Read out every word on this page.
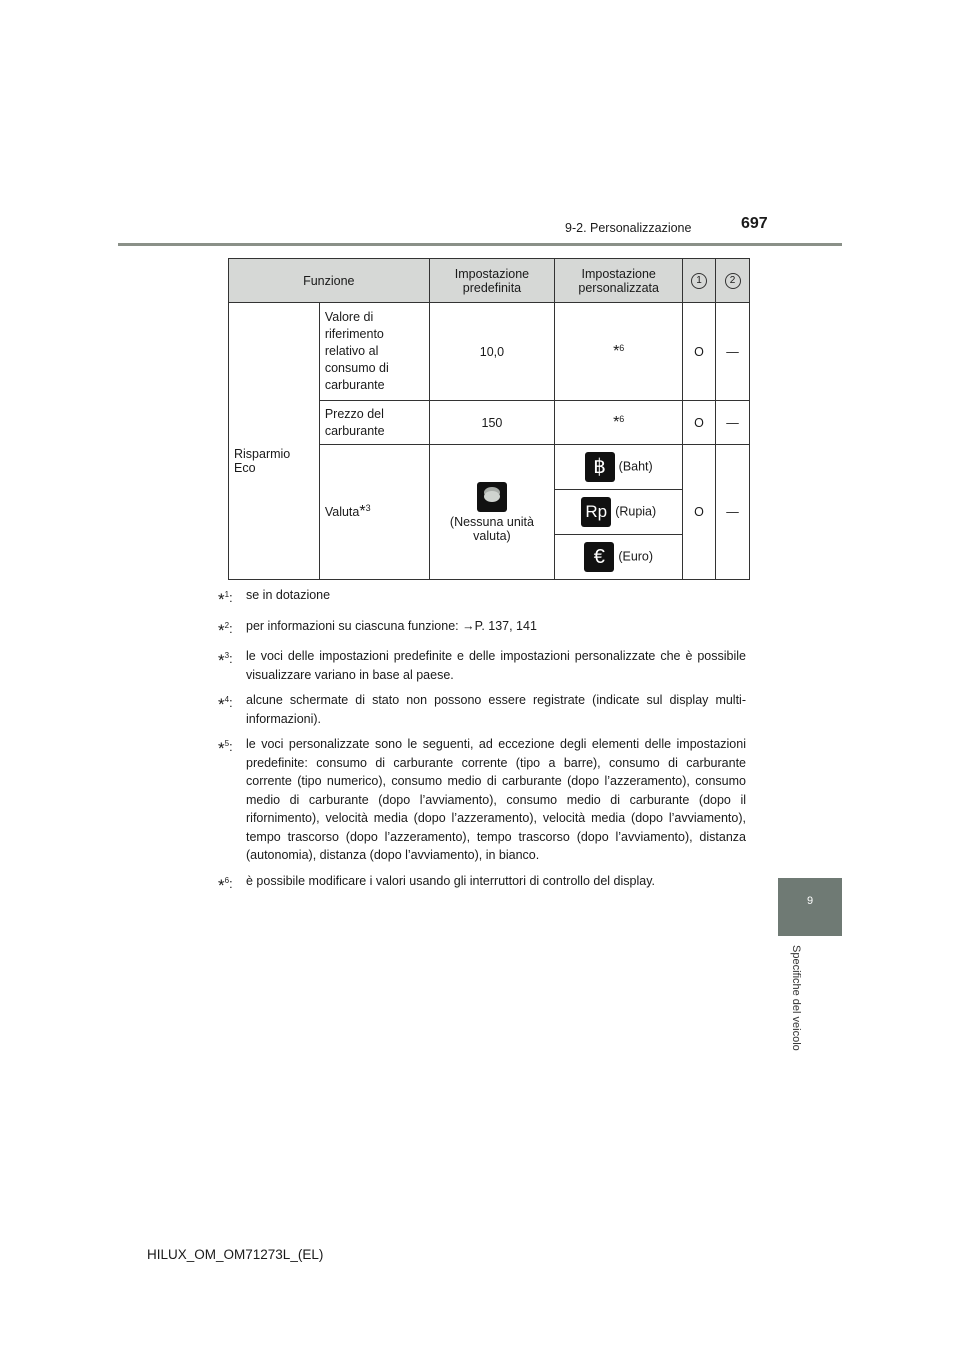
9-2. Personalizzazione	697
9
Specifiche del veicolo
Funzione		Impostazione predefinita	Impostazione personalizzata	1	2
Risparmio Eco	Valore di riferimento relativo al consumo di carburante	10,0	*$^6$	O	—
	Prezzo del carburante	150	*$^6$	O	—
	Valuta*$^3$	(Nessuna unità valuta)	฿ (Baht)	O	—
			Rp (Rupia)		
			€ (Euro)		
*$^1$:	se in dotazione
*$^2$:	per informazioni su ciascuna funzione: →P. 137, 141
*$^3$:	le voci delle impostazioni predefinite e delle impostazioni personalizzate che è possibile visualizzare variano in base al paese.
*$^4$:	alcune schermate di stato non possono essere registrate (indicate sul display multi-informazioni).
*$^5$:	le voci personalizzate sono le seguenti, ad eccezione degli elementi delle impostazioni predefinite: consumo di carburante corrente (tipo a barre), consumo di carburante corrente (tipo numerico), consumo medio di carburante (dopo l’azzeramento), consumo medio di carburante (dopo l’avviamento), consumo medio di carburante (dopo il rifornimento), velocità media (dopo l’azzeramento), velocità media (dopo l’avviamento), tempo trascorso (dopo l’azzeramento), tempo trascorso (dopo l’avviamento), distanza (autonomia), distanza (dopo l’avviamento), in bianco.
*$^6$:	è possibile modificare i valori usando gli interruttori di controllo del display.
HILUX_OM_OM71273L_(EL)
